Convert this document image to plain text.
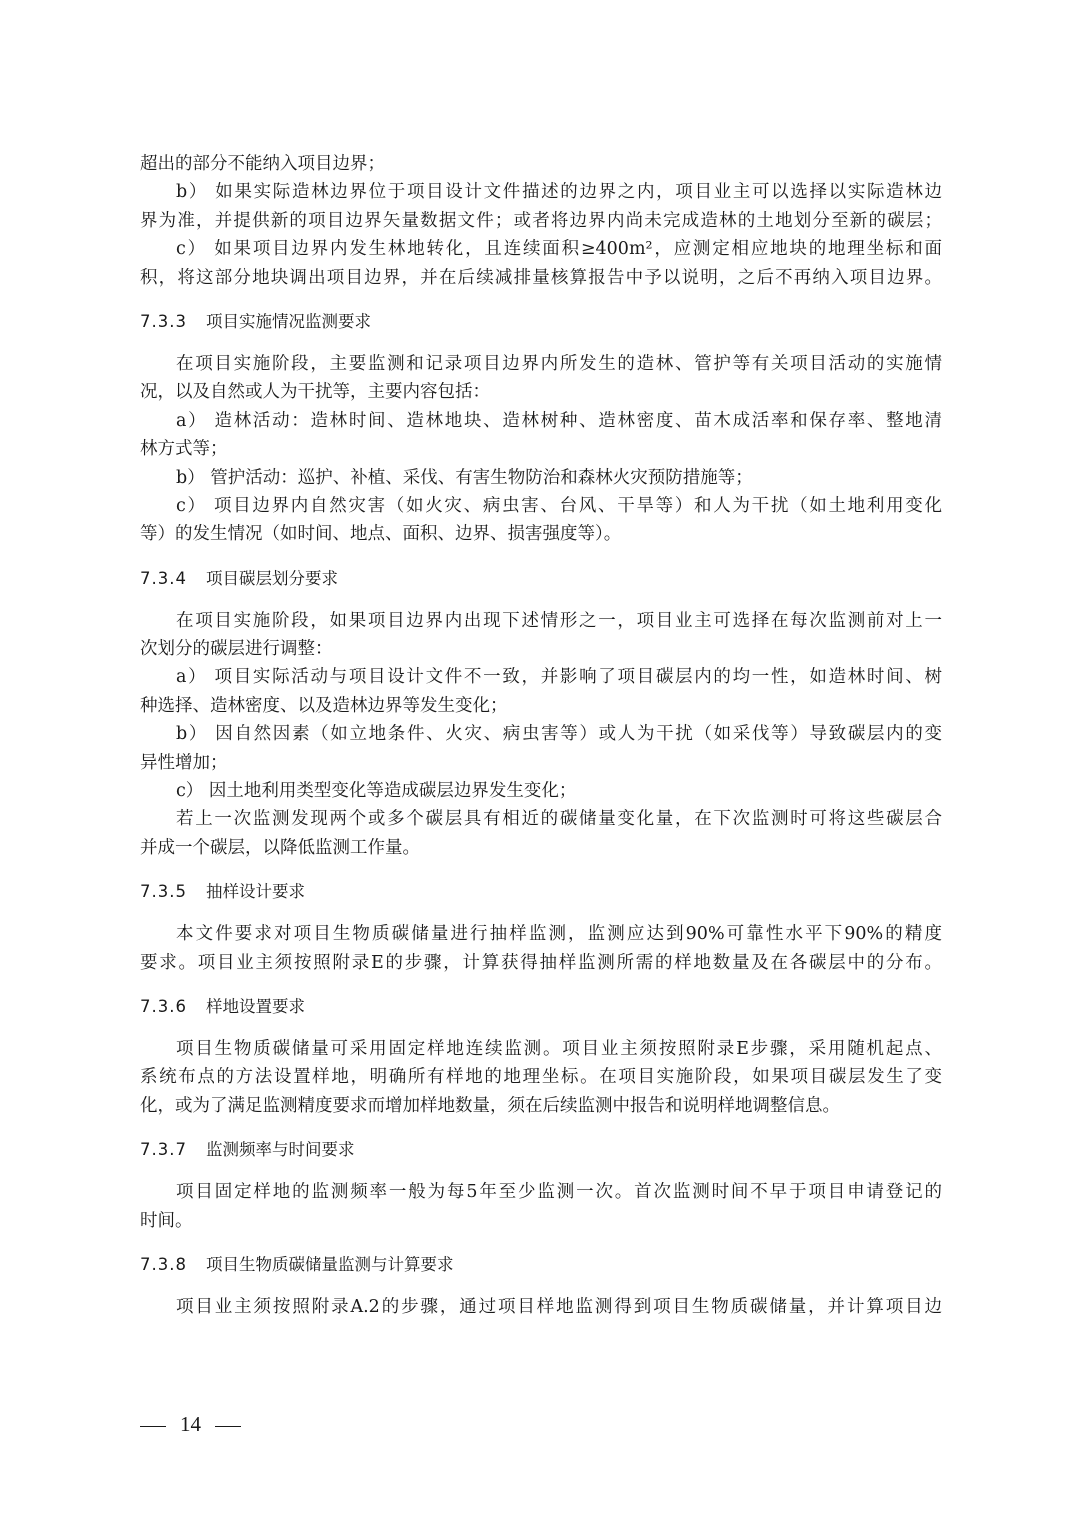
超出的部分不能纳入项目边界；
b） 如果实际造林边界位于项目设计文件描述的边界之内，项目业主可以选择以实际造林边
界为准，并提供新的项目边界矢量数据文件；或者将边界内尚未完成造林的土地划分至新的碳层；
c） 如果项目边界内发生林地转化，且连续面积≥400m²，应测定相应地块的地理坐标和面
积，将这部分地块调出项目边界，并在后续减排量核算报告中予以说明，之后不再纳入项目边界。
7.3.3 项目实施情况监测要求
在项目实施阶段，主要监测和记录项目边界内所发生的造林、管护等有关项目活动的实施情
况，以及自然或人为干扰等，主要内容包括：
a） 造林活动：造林时间、造林地块、造林树种、造林密度、苗木成活率和保存率、整地清
林方式等；
b） 管护活动：巡护、补植、采伐、有害生物防治和森林火灾预防措施等；
c） 项目边界内自然灾害（如火灾、病虫害、台风、干旱等）和人为干扰（如土地利用变化
等）的发生情况（如时间、地点、面积、边界、损害强度等）。
7.3.4 项目碳层划分要求
在项目实施阶段，如果项目边界内出现下述情形之一，项目业主可选择在每次监测前对上一
次划分的碳层进行调整：
a） 项目实际活动与项目设计文件不一致，并影响了项目碳层内的均一性，如造林时间、树
种选择、造林密度、以及造林边界等发生变化；
b） 因自然因素（如立地条件、火灾、病虫害等）或人为干扰（如采伐等）导致碳层内的变
异性增加；
c） 因土地利用类型变化等造成碳层边界发生变化；
若上一次监测发现两个或多个碳层具有相近的碳储量变化量，在下次监测时可将这些碳层合
并成一个碳层，以降低监测工作量。
7.3.5 抽样设计要求
本文件要求对项目生物质碳储量进行抽样监测，监测应达到90%可靠性水平下90%的精度
要求。项目业主须按照附录E的步骤，计算获得抽样监测所需的样地数量及在各碳层中的分布。
7.3.6 样地设置要求
项目生物质碳储量可采用固定样地连续监测。项目业主须按照附录E步骤，采用随机起点、
系统布点的方法设置样地，明确所有样地的地理坐标。在项目实施阶段，如果项目碳层发生了变
化，或为了满足监测精度要求而增加样地数量，须在后续监测中报告和说明样地调整信息。
7.3.7 监测频率与时间要求
项目固定样地的监测频率一般为每5年至少监测一次。首次监测时间不早于项目申请登记的
时间。
7.3.8 项目生物质碳储量监测与计算要求
项目业主须按照附录A.2的步骤，通过项目样地监测得到项目生物质碳储量，并计算项目边
14
